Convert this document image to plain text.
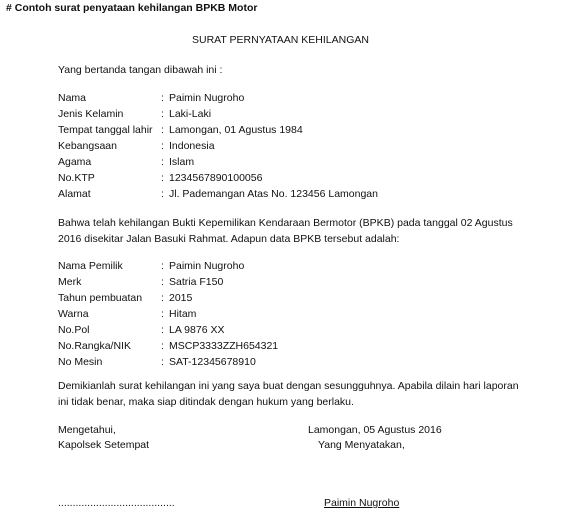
# Contoh surat penyataan kehilangan BPKB Motor
SURAT PERNYATAAN KEHILANGAN
Yang bertanda tangan dibawah ini :
Nama	: Paimin Nugroho
Jenis Kelamin	: Laki-Laki
Tempat tanggal lahir : Lamongan, 01 Agustus 1984
Kebangsaan	: Indonesia
Agama	: Islam
No.KTP	: 1234567890100056
Alamat	: Jl. Pademangan Atas No. 123456 Lamongan
Bahwa telah kehilangan Bukti Kepemilikan Kendaraan Bermotor (BPKB) pada tanggal 02 Agustus
2016 disekitar Jalan Basuki Rahmat. Adapun data BPKB tersebut adalah:
Nama Pemilik	: Paimin Nugroho
Merk	: Satria F150
Tahun pembuatan : 2015
Warna	: Hitam
No.Pol	: LA 9876 XX
No.Rangka/NIK	: MSCP3333ZZH654321
No Mesin	: SAT-12345678910
Demikianlah surat kehilangan ini yang saya buat dengan sesungguhnya. Apabila dilain hari laporan
ini tidak benar, maka siap ditindak dengan hukum yang berlaku.
Mengetahui,
Kapolsek Setempat
Lamongan, 05 Agustus 2016
Yang Menyatakan,
........................................	Paimin Nugroho
